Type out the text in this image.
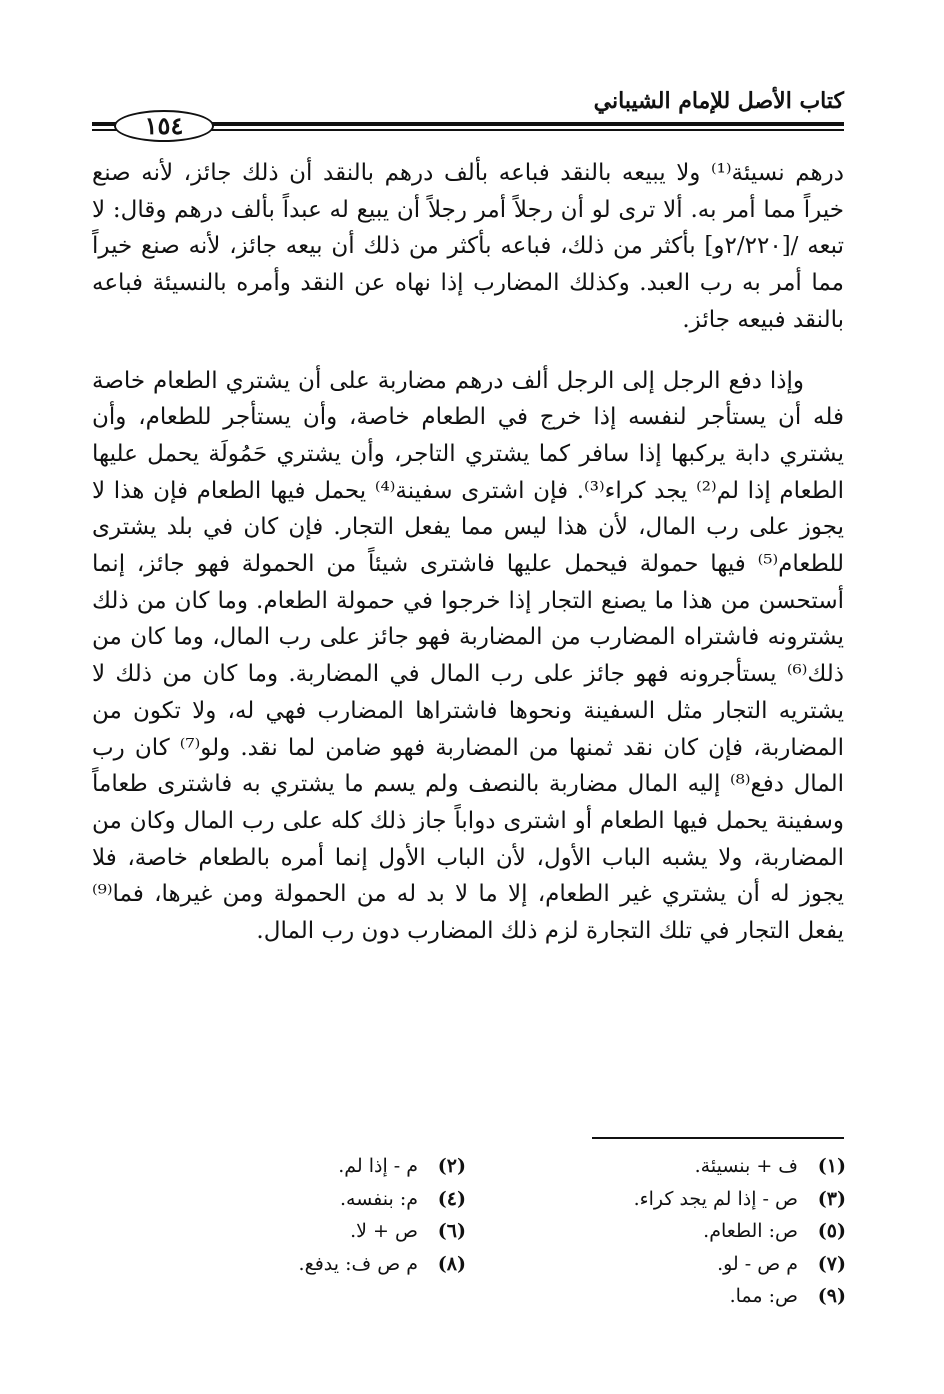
كتاب الأصل للإمام الشيباني
١٥٤

درهم نسيئة⁽¹⁾ ولا يبيعه بالنقد فباعه بألف درهم بالنقد أن ذلك جائز، لأنه صنع خيراً مما أمر به. ألا ترى لو أن رجلاً أمر رجلاً أن يبيع له عبداً بألف درهم وقال: لا تبعه /[٢/٢٢٠و] بأكثر من ذلك، فباعه بأكثر من ذلك أن بيعه جائز، لأنه صنع خيراً مما أمر به رب العبد. وكذلك المضارب إذا نهاه عن النقد وأمره بالنسيئة فباعه بالنقد فبيعه جائز.

وإذا دفع الرجل إلى الرجل ألف درهم مضاربة على أن يشتري الطعام خاصة فله أن يستأجر لنفسه إذا خرج في الطعام خاصة، وأن يستأجر للطعام، وأن يشتري دابة يركبها إذا سافر كما يشتري التاجر، وأن يشتري حَمُولَة يحمل عليها الطعام إذا لم⁽²⁾ يجد كراء⁽³⁾. فإن اشترى سفينة⁽⁴⁾ يحمل فيها الطعام فإن هذا لا يجوز على رب المال، لأن هذا ليس مما يفعل التجار. فإن كان في بلد يشترى للطعام⁽⁵⁾ فيها حمولة فيحمل عليها فاشترى شيئاً من الحمولة فهو جائز، إنما أستحسن من هذا ما يصنع التجار إذا خرجوا في حمولة الطعام. وما كان من ذلك يشترونه فاشتراه المضارب من المضاربة فهو جائز على رب المال، وما كان من ذلك⁽⁶⁾ يستأجرونه فهو جائز على رب المال في المضاربة. وما كان من ذلك لا يشتريه التجار مثل السفينة ونحوها فاشتراها المضارب فهي له، ولا تكون من المضاربة، فإن كان نقد ثمنها من المضاربة فهو ضامن لما نقد. ولو⁽⁷⁾ كان رب المال دفع⁽⁸⁾ إليه المال مضاربة بالنصف ولم يسم ما يشتري به فاشترى طعاماً وسفينة يحمل فيها الطعام أو اشترى دواباً جاز ذلك كله على رب المال وكان من المضاربة، ولا يشبه الباب الأول، لأن الباب الأول إنما أمره بالطعام خاصة، فلا يجوز له أن يشتري غير الطعام، إلا ما لا بد له من الحمولة ومن غيرها، فما⁽⁹⁾ يفعل التجار في تلك التجارة لزم ذلك المضارب دون رب المال.

(١)ف + بنسيئة.
(٣)ص - إذا لم يجد كراء.
(٥)ص: الطعام.
(٧)م ص - لو.
(٩)ص: مما.
(٢)م - إذا لم.
(٤)م: بنفسه.
(٦)ص + لا.
(٨)م ص ف: يدفع.
